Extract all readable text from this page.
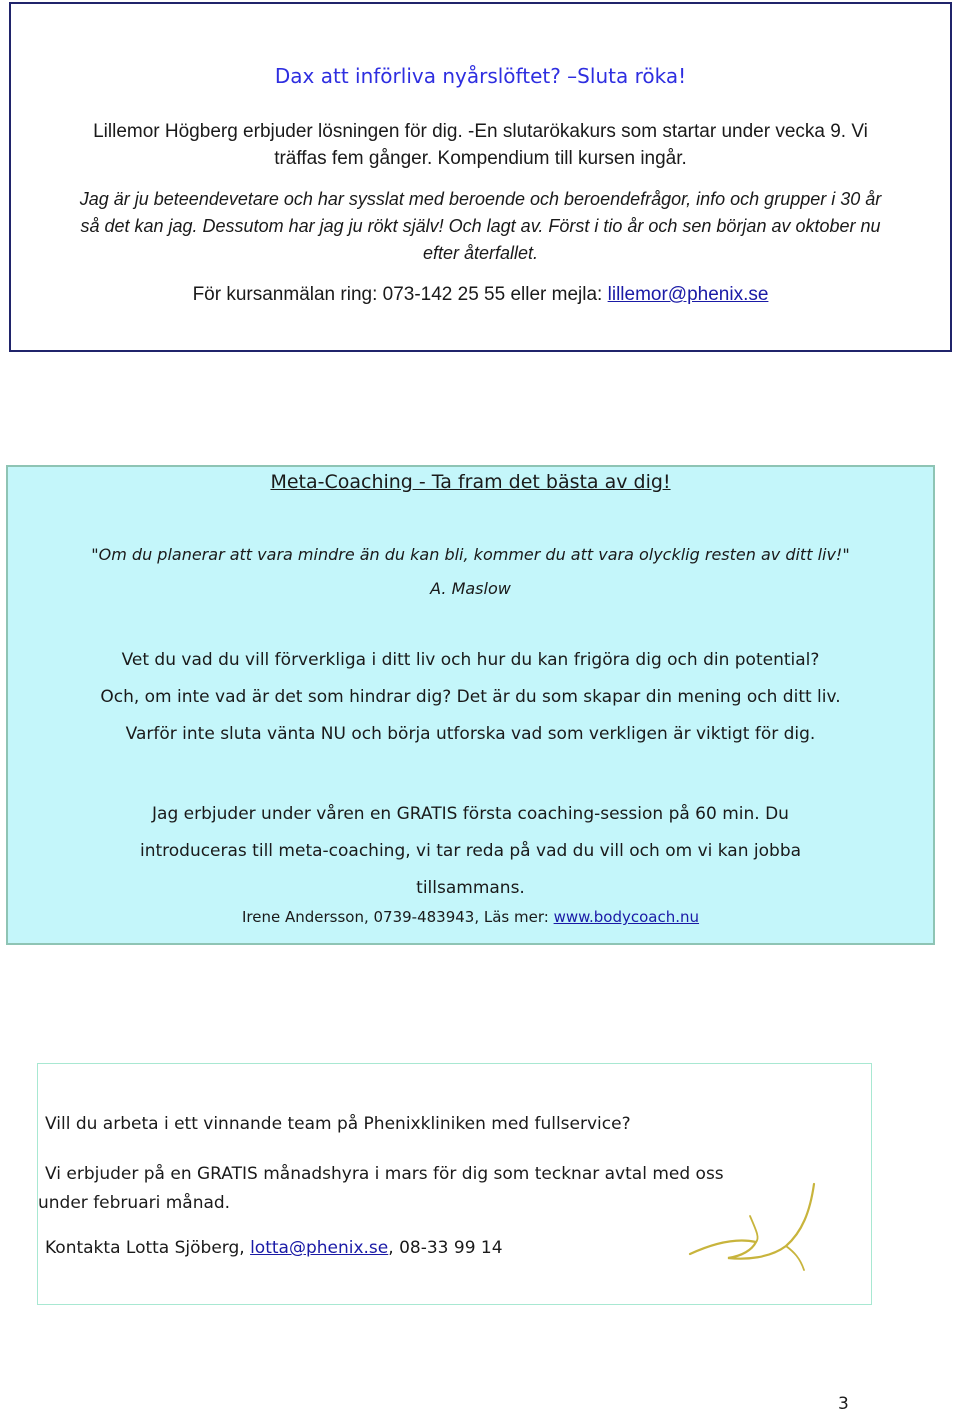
Dax att införliva nyårslöftet? –Sluta röka!
Lillemor Högberg erbjuder lösningen för dig. -En slutarökakurs som startar under vecka 9. Vi
träffas fem gånger. Kompendium till kursen ingår.
Jag är ju beteendevetare och har sysslat med beroende och beroendefrågor, info och grupper i 30 år
så det kan jag. Dessutom har jag ju rökt själv! Och lagt av. Först i tio år och sen början av oktober nu
efter återfallet.
För kursanmälan ring: 073-142 25 55 eller mejla: lillemor@phenix.se
Meta-Coaching - Ta fram det bästa av dig!
"Om du planerar att vara mindre än du kan bli, kommer du att vara olycklig resten av ditt liv!"
A. Maslow
Vet du vad du vill förverkliga i ditt liv och hur du kan frigöra dig och din potential?
Och, om inte vad är det som hindrar dig? Det är du som skapar din mening och ditt liv.
Varför inte sluta vänta NU och börja utforska vad som verkligen är viktigt för dig.
Jag erbjuder under våren en GRATIS första coaching-session på 60 min. Du
introduceras till meta-coaching, vi tar reda på vad du vill och om vi kan jobba
tillsammans.
Irene Andersson, 0739-483943, Läs mer: www.bodycoach.nu
Vill du arbeta i ett vinnande team på Phenixkliniken med fullservice?
Vi erbjuder på en GRATIS månadshyra i mars för dig som tecknar avtal med oss
under februari månad.
Kontakta Lotta Sjöberg, lotta@phenix.se, 08-33 99 14
3
